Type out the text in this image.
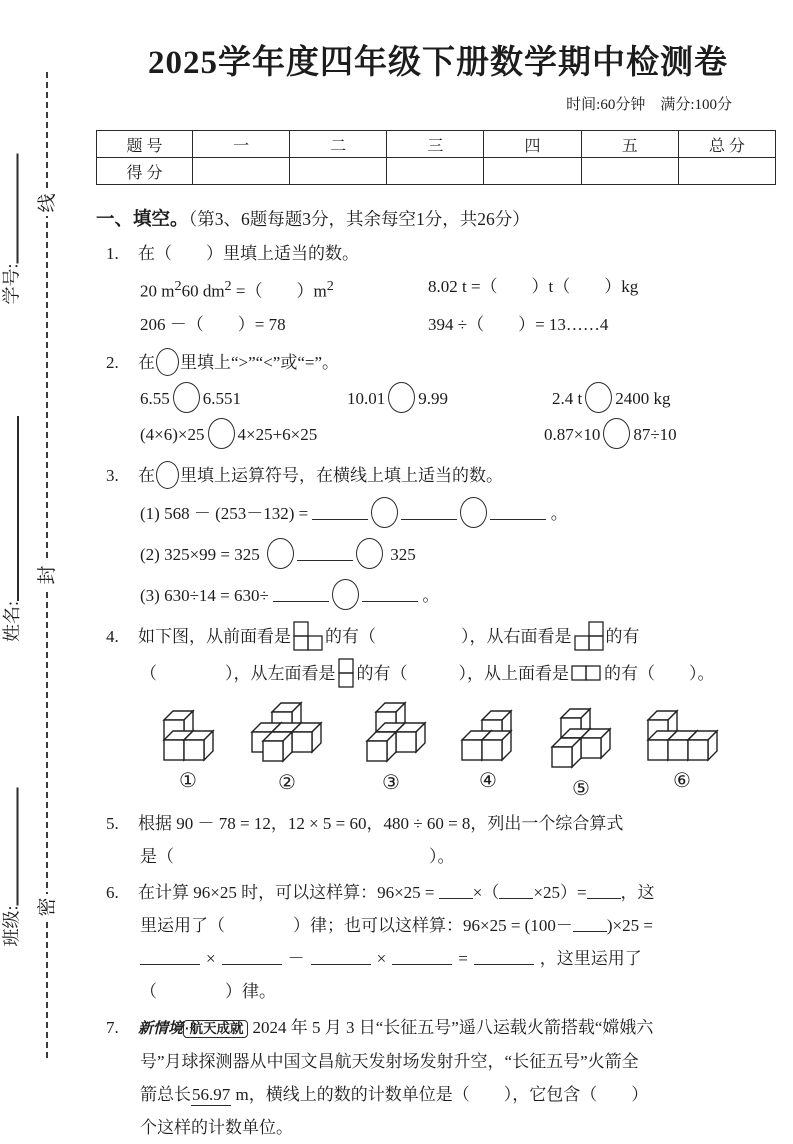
线
封
密
学号:
姓名:
班级:
2025学年度四年级下册数学期中检测卷
时间:60分钟　满分:100分
题 号	一	二	三	四	五	总 分
得 分						
一、填空。（第3、6题每题3分，其余每空1分，共26分）
1. 在（　　）里填上适当的数。
20 $m^260$ $dm^2$ =（　　）$m^2$	8.02 t =（　　）t（　　）kg
206 －（　　）= 78	394 ÷（　　）= 13……4
2. 在 里填上“>”“<”或“=”。
6.55 6.551	10.01 9.99	2.4 t 2400 kg
(4×6)×25 4×25+6×25	0.87×10 87÷10
3. 在 里填上运算符号，在横线上填上适当的数。
(1) 568 － (253－132) =	。
(2) 325×99 = 325	325
(3) 630÷14 = 630÷	。
4. 如下图，从前面看是 的有（　　　　　），从右面看是 的有
（　　　　），从左面看是 的有（　　　），从上面看是 的有（　　）。
①	②	③	④	⑤	⑥
5. 根据 90 － 78 = 12，12 × 5 = 60，480 ÷ 60 = 8，列出一个综合算式
是（　　　　　　　　　　　　　　　）。
6. 在计算 96×25 时，可以这样算：96×25 = ×（ ×25）= ，这
里运用了（　　　　）律；也可以这样算：96×25 = (100－ )×25 =
×	－	×	=	，这里运用了
（　　　　）律。
7. 新情境 ·航天成就 2024 年 5 月 3 日“长征五号”遥八运载火箭搭载“嫦娥六
号”月球探测器从中国文昌航天发射场发射升空，“长征五号”火箭全
箭总长56.97 m，横线上的数的计数单位是（　　），它包含（　　）
个这样的计数单位。
